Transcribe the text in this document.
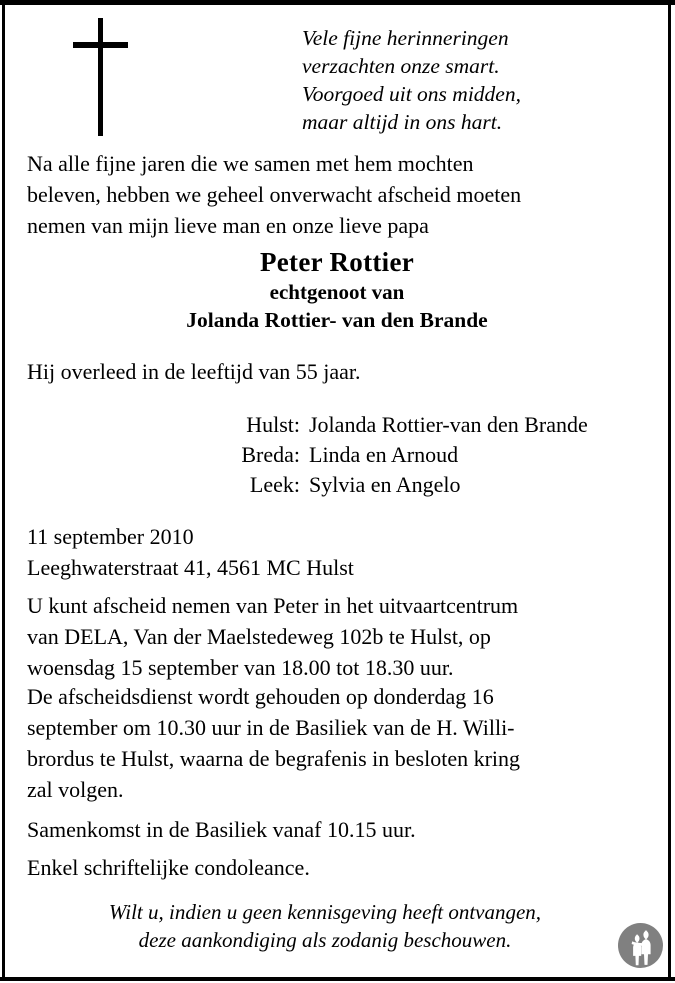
Vele fijne herinneringen
verzachten onze smart.
Voorgoed uit ons midden,
maar altijd in ons hart.
Na alle fijne jaren die we samen met hem mochten
beleven, hebben we geheel onverwacht afscheid moeten
nemen van mijn lieve man en onze lieve papa
Peter Rottier
echtgenoot van
Jolanda Rottier- van den Brande
Hij overleed in de leeftijd van 55 jaar.
Hulst: Jolanda Rottier-van den Brande
Breda: Linda en Arnoud
Leek: Sylvia en Angelo
11 september 2010
Leeghwaterstraat 41, 4561 MC Hulst
U kunt afscheid nemen van Peter in het uitvaartcentrum
van DELA, Van der Maelstedeweg 102b te Hulst, op
woensdag 15 september van 18.00 tot 18.30 uur.
De afscheidsdienst wordt gehouden op donderdag 16
september om 10.30 uur in de Basiliek van de H. Willi-
brordus te Hulst, waarna de begrafenis in besloten kring
zal volgen.
Samenkomst in de Basiliek vanaf 10.15 uur.
Enkel schriftelijke condoleance.
Wilt u, indien u geen kennisgeving heeft ontvangen,
deze aankondiging als zodanig beschouwen.
